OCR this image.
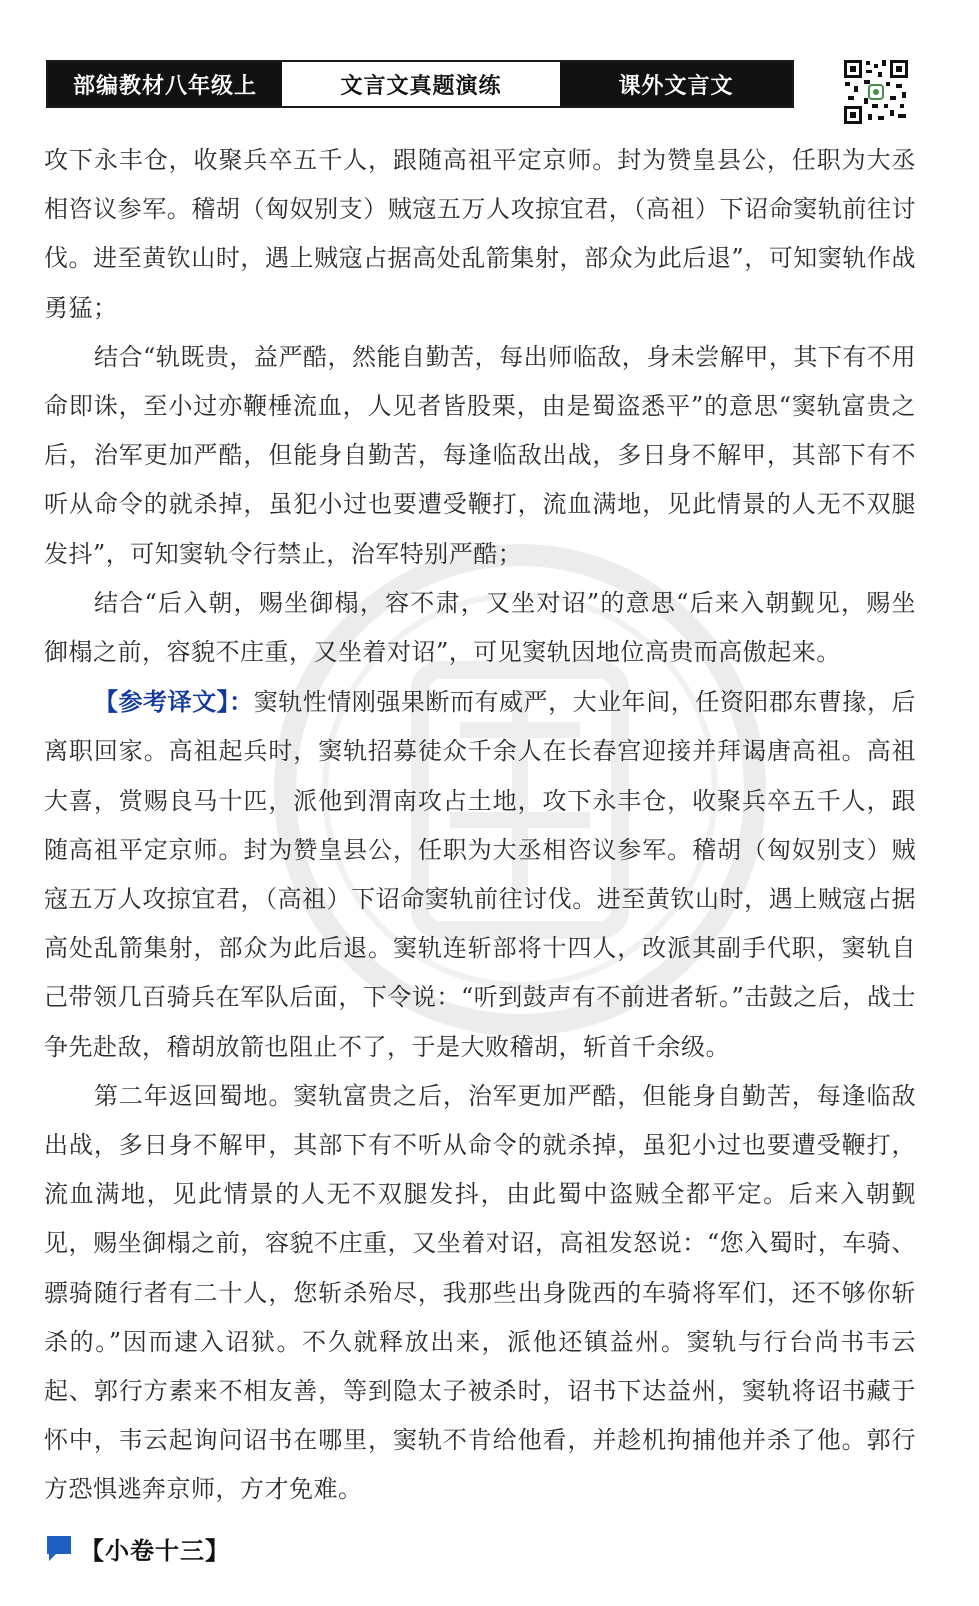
部编教材八年级上	文言文真题演练	课外文言文

攻下永丰仓，收聚兵卒五千人，跟随高祖平定京师。封为赞皇县公，任职为大丞相咨议参军。稽胡（匈奴别支）贼寇五万人攻掠宜君，（高祖）下诏命窦轨前往讨伐。进至黄钦山时，遇上贼寇占据高处乱箭集射，部众为此后退”，可知窦轨作战勇猛；

结合“轨既贵，益严酷，然能自勤苦，每出师临敌，身未尝解甲，其下有不用命即诛，至小过亦鞭棰流血，人见者皆股栗，由是蜀盗悉平”的意思“窦轨富贵之后，治军更加严酷，但能身自勤苦，每逢临敌出战，多日身不解甲，其部下有不听从命令的就杀掉，虽犯小过也要遭受鞭打，流血满地，见此情景的人无不双腿发抖”，可知窦轨令行禁止，治军特别严酷；

结合“后入朝，赐坐御榻，容不肃，又坐对诏”的意思“后来入朝觐见，赐坐御榻之前，容貌不庄重，又坐着对诏”，可见窦轨因地位高贵而高傲起来。

【参考译文】：窦轨性情刚强果断而有威严，大业年间，任资阳郡东曹掾，后离职回家。高祖起兵时，窦轨招募徒众千余人在长春宫迎接并拜谒唐高祖。高祖大喜，赏赐良马十匹，派他到渭南攻占土地，攻下永丰仓，收聚兵卒五千人，跟随高祖平定京师。封为赞皇县公，任职为大丞相咨议参军。稽胡（匈奴别支）贼寇五万人攻掠宜君，（高祖）下诏命窦轨前往讨伐。进至黄钦山时，遇上贼寇占据高处乱箭集射，部众为此后退。窦轨连斩部将十四人，改派其副手代职，窦轨自己带领几百骑兵在军队后面，下令说：“听到鼓声有不前进者斩。”击鼓之后，战士争先赴敌，稽胡放箭也阻止不了，于是大败稽胡，斩首千余级。

第二年返回蜀地。窦轨富贵之后，治军更加严酷，但能身自勤苦，每逢临敌出战，多日身不解甲，其部下有不听从命令的就杀掉，虽犯小过也要遭受鞭打，流血满地，见此情景的人无不双腿发抖，由此蜀中盗贼全都平定。后来入朝觐见，赐坐御榻之前，容貌不庄重，又坐着对诏，高祖发怒说：“您入蜀时，车骑、骠骑随行者有二十人，您斩杀殆尽，我那些出身陇西的车骑将军们，还不够你斩杀的。”因而逮入诏狱。不久就释放出来，派他还镇益州。窦轨与行台尚书韦云起、郭行方素来不相友善，等到隐太子被杀时，诏书下达益州，窦轨将诏书藏于怀中，韦云起询问诏书在哪里，窦轨不肯给他看，并趁机拘捕他并杀了他。郭行方恐惧逃奔京师，方才免难。

【小卷十三】
